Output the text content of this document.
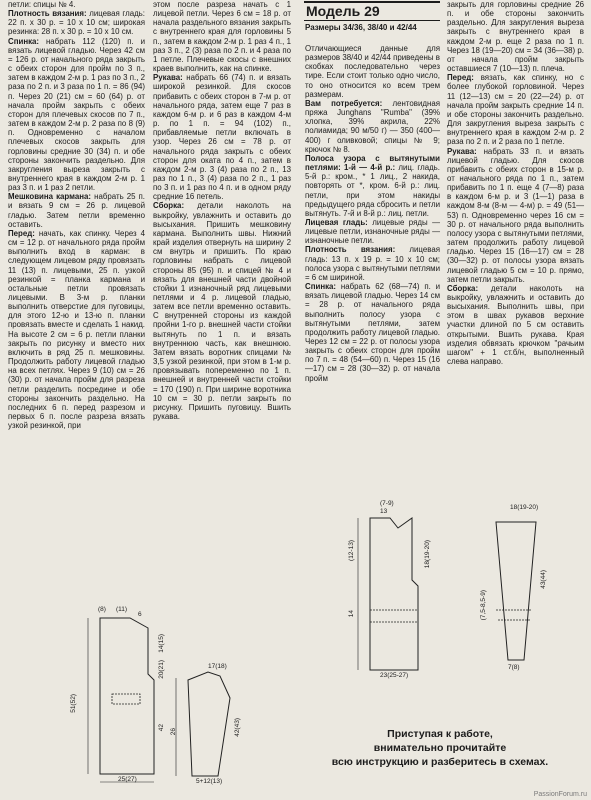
петли: спицы № 4.

Плотность вязания: лицевая гладь: 22 п. х 30 р. = 10 х 10 см; широкая резинка: 28 п. х 30 р. = 10 х 10 см.

Спинка: набрать 112 (120) п. и вязать лицевой гладью. Через 42 см = 126 р. от начального ряда закрыть с обеих сторон для пройм по 3 п., затем в каждом 2-м р. 1 раз по 3 п., 2 раза по 2 п. и 3 раза по 1 п. = 86 (94) п. Через 20 (21) см = 60 (64) р. от начала пройм закрыть с обеих сторон для плечевых скосов по 7 п., затем в каждом 2-м р. 2 раза по 8 (9) п. Одновременно с началом плечевых скосов закрыть для горловины средние 30 (34) п. и обе стороны закончить раздельно. Для закругления выреза закрыть с внутреннего края в каждом 2-м р. 1 раз 3 п. и 1 раз 2 петли.

Мешковина кармана: набрать 25 п. и вязать 9 см = 26 р. лицевой гладью. Затем петли временно оставить.

Перед: начать, как спинку. Через 4 см = 12 р. от начального ряда пройм выполнить вход в карман: в следующем лицевом ряду провязать 11 (13) п. лицевыми, 25 п. узкой резинкой = планка кармана и остальные петли провязать лицевыми. В 3-м р. планки выполнить отверстие для пуговицы, для этого 12-ю и 13-ю п. планки провязать вместе и сделать 1 накид. На высоте 2 см = 6 р. петли планки закрыть по рисунку и вместо них включить в ряд 25 п. мешковины. Продолжить работу лицевой гладью на всех петлях. Через 9 (10) см = 26 (30) р. от начала пройм для разреза петли разделить посредине и обе стороны закончить раздельно. На последних 6 п. перед разрезом и первых 6 п. после разреза вязать узкой резинкой, при

этом после разреза начать с 1 лицевой петли. Через 6 см = 18 р. от начала раздельного вязания закрыть с внутреннего края для горловины 5 п., затем в каждом 2-м р. 1 раз 4 п., 1 раз 3 п., 2 (3) раза по 2 п. и 4 раза по 1 петле. Плечевые скосы с внешних краев выполнить, как на спинке.

Рукава: набрать 66 (74) п. и вязать широкой резинкой. Для скосов прибавить с обеих сторон в 7-м р. от начального ряда, затем еще 7 раз в каждом 6-м р. и 6 раз в каждом 4-м р. по 1 п. = 94 (102) п., прибавляемые петли включать в узор. Через 26 см = 78 р. от начального ряда закрыть с обеих сторон для оката по 4 п., затем в каждом 2-м р. 3 (4) раза по 2 п., 13 раз по 1 п., 3 (4) раза по 2 п., 1 раз по 3 п. и 1 раз по 4 п. и в одном ряду средние 16 петель.

Сборка: детали наколоть на выкройку, увлажнить и оставить до высыхания. Пришить мешковину кармана. Выполнить швы. Нижний край изделия отвернуть на ширину 2 см внутрь и пришить. По краю горловины набрать с лицевой стороны 85 (95) п. и спицей № 4 и вязать для внешней части двойной стойки 1 изнаночный ряд лицевыми петлями и 4 р. лицевой гладью, затем все петли временно оставить. С внутренней стороны из каждой пройни 1-го р. внешней части стойки вытянуть по 1 п. и вязать внутреннюю часть, как внешнюю. Затем вязать воротник спицами № 3,5 узкой резинкой, при этом в 1-м р. провязывать попеременно по 1 п. внешней и внутренней части стойки = 170 (190) п. При ширине воротника 10 см = 30 р. петли закрыть по рисунку. Пришить пуговицу. Вшить рукава.

Модель 29
Размеры 34/36, 38/40 и 42/44

Отличающиеся данные для размеров 38/40 и 42/44 приведены в скобках последовательно через тире. Если стоит только одно число, то оно относится ко всем трем размерам.

Вам потребуется: лентовидная пряжа Junghans "Rumba" (39% хлопка, 39% акрила, 22% полиамида; 90 м/50 г) — 350 (400—400) г оливковой; спицы № 9; крючок № 8.

Полоса узора с вытянутыми петлями: 1-й — 4-й р.: лиц. гладь. 5-й р.: кром., * 1 лиц., 2 накида, повторять от *, кром. 6-й р.: лиц. петли, при этом накиды предыдущего ряда сбросить и петли вытянуть. 7-й и 8-й р.: лиц. петли.

Лицевая гладь: лицевые ряды — лицевые петли, изнаночные ряды — изнаночные петли.

Плотность вязания: лицевая гладь: 13 п. х 19 р. = 10 х 10 см; полоса узора с вытянутыми петлями = 6 см шириной.

Спинка: набрать 62 (68—74) п. и вязать лицевой гладью. Через 14 см = 28 р. от начального ряда выполнить полосу узора с вытянутыми петлями, затем продолжить работу лицевой гладью. Через 12 см = 22 р. от полосы узора закрыть с обеих сторон для пройм по 7 п. = 48 (54—60) п. Через 15 (16—17) см = 28 (30—32) р. от начала пройм

закрыть для горловины средние 26 п. и обе стороны закончить раздельно. Для закругления выреза закрыть с внутреннего края в каждом 2-м р. еще 2 раза по 1 п. Через 18 (19—20) см = 34 (36—38) р. от начала пройм закрыть оставшиеся 7 (10—13) п. плеча.

Перед: вязать, как спинку, но с более глубокой горловиной. Через 11 (12—13) см = 20 (22—24) р. от начала пройм закрыть средние 14 п. и обе стороны закончить раздельно. Для закругления выреза закрыть с внутреннего края в каждом 2-м р. 2 раза по 2 п. и 2 раза по 1 петле.

Рукава: набрать 33 п. и вязать лицевой гладью. Для скосов прибавить с обеих сторон в 15-м р. от начального ряда по 1 п., затем прибавить по 1 п. еще 4 (7—8) раза в каждом 6-м р. и 3 (1—1) раза в каждом 8-м (8-м — 4-м) р. = 49 (51—53) п. Одновременно через 16 см = 30 р. от начального ряда выполнить полосу узора с вытянутыми петлями, затем продолжить работу лицевой гладью. Через 15 (16—17) см = 28 (30—32) р. от полосы узора вязать лицевой гладью 5 см = 10 р. прямо, затем петли закрыть.

Сборка: детали наколоть на выкройку, увлажнить и оставить до высыхания. Выполнить швы, при этом в швах рукавов верхние участки длиной по 5 см оставить открытыми. Вшить рукава. Края изделия обвязать крючком "рачьим шагом" + 1 ст.б/н, выполненный слева направо.

(8) (11)
6
51(52)
14(15)
20(21)
42
25(27)
17(18)
42(43)
26
5+12(13)
(7-9)
13
(12-13)
14
18(19-20)
23(25-27)
18(19-20)
43(44)
(7,5-8,5-9)
7(8)
Приступая к работе,
внимательно прочитайте
всю инструкцию и разберитесь в схемах.
PassionForum.ru
